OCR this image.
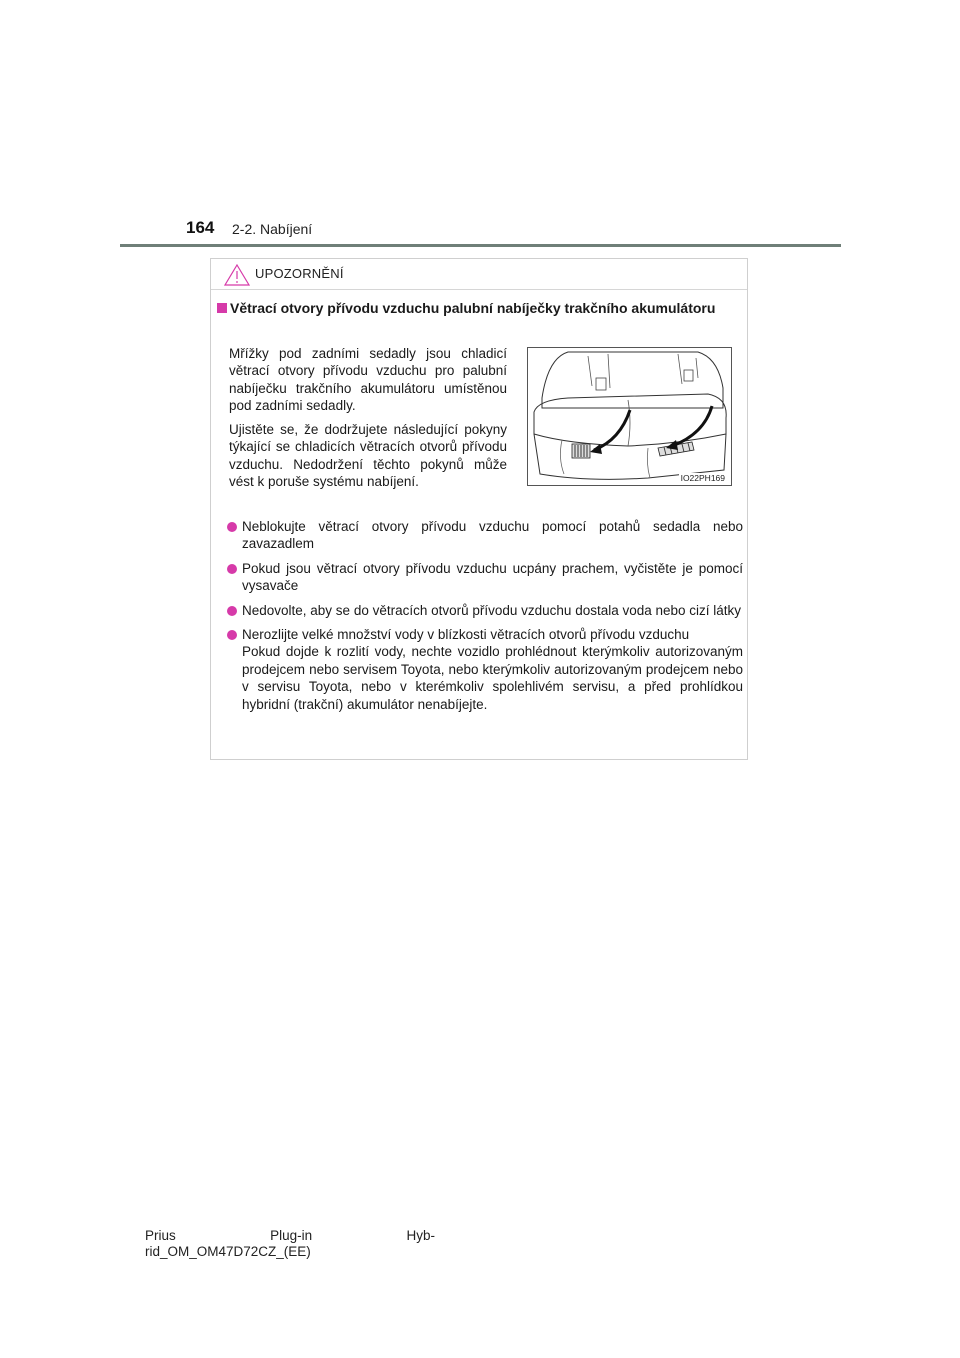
164 2-2. Nabíjení
UPOZORNĚNÍ
Větrací otvory přívodu vzduchu palubní nabíječky trakčního akumulátoru
Mřížky pod zadními sedadly jsou chladicí větrací otvory přívodu vzduchu pro palubní nabíječku trakčního akumulátoru umístěnou pod zadními sedadly.
Ujistěte se, že dodržujete následující pokyny týkající se chladicích větracích otvorů přívodu vzduchu. Nedodržení těchto pokynů může vést k poruše systému nabíjení.	IO22PH169
Neblokujte větrací otvory přívodu vzduchu pomocí potahů sedadla nebo zavazadlem
Pokud jsou větrací otvory přívodu vzduchu ucpány prachem, vyčistěte je pomocí vysavače
Nedovolte, aby se do větracích otvorů přívodu vzduchu dostala voda nebo cizí látky
Nerozlijte velké množství vody v blízkosti větracích otvorů přívodu vzduchu
Pokud dojde k rozlití vody, nechte vozidlo prohlédnout kterýmkoliv autorizovaným prodejcem nebo servisem Toyota, nebo kterýmkoliv autorizovaným prodejcem nebo v servisu Toyota, nebo v kterémkoliv spolehlivém servisu, a před prohlídkou hybridní (trakční) akumulátor nenabíjejte.
Prius Plug-in Hyb-
rid_OM_OM47D72CZ_(EE)
